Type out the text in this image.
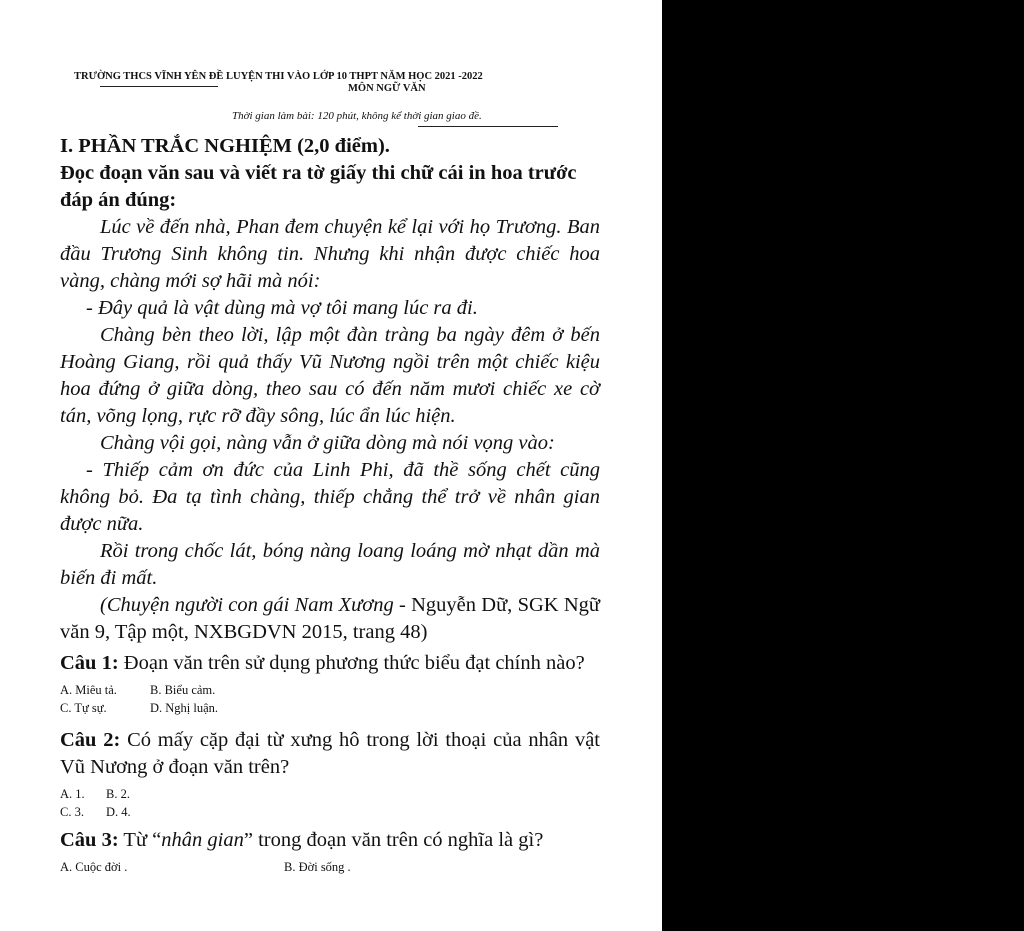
TRƯỜNG THCS VĨNH YÊN ĐỀ LUYỆN THI VÀO LỚP 10 THPT NĂM HỌC 2021 -2022
MÔN NGỮ VĂN
Thời gian làm bài: 120 phút, không kể thời gian giao đề.

I. PHẦN TRẮC NGHIỆM (2,0 điểm).

Đọc đoạn văn sau và viết ra tờ giấy thi chữ cái in hoa trước đáp án đúng:

Lúc về đến nhà, Phan đem chuyện kể lại với họ Trương. Ban đầu Trương Sinh không tin. Nhưng khi nhận được chiếc hoa vàng, chàng mới sợ hãi mà nói:

- Đây quả là vật dùng mà vợ tôi mang lúc ra đi.

Chàng bèn theo lời, lập một đàn tràng ba ngày đêm ở bến Hoàng Giang, rồi quả thấy Vũ Nương ngồi trên một chiếc kiệu hoa đứng ở giữa dòng, theo sau có đến năm mươi chiếc xe cờ tán, võng lọng, rực rỡ đầy sông, lúc ẩn lúc hiện.

Chàng vội gọi, nàng vẫn ở giữa dòng mà nói vọng vào:

- Thiếp cảm ơn đức của Linh Phi, đã thề sống chết cũng không bỏ. Đa tạ tình chàng, thiếp chẳng thể trở về nhân gian được nữa.

Rồi trong chốc lát, bóng nàng loang loáng mờ nhạt dần mà biến đi mất.

(Chuyện người con gái Nam Xương - Nguyễn Dữ, SGK Ngữ văn 9, Tập một, NXBGDVN 2015, trang 48)

Câu 1: Đoạn văn trên sử dụng phương thức biểu đạt chính nào?

A. Miêu tả.	B. Biểu cảm.
C. Tự sự.	D. Nghị luận.

Câu 2: Có mấy cặp đại từ xưng hô trong lời thoại của nhân vật Vũ Nương ở đoạn văn trên?

A. 1. B. 2.
C. 3. D. 4.

Câu 3: Từ “nhân gian” trong đoạn văn trên có nghĩa là gì?

A. Cuộc đời .	B. Đời sống .
